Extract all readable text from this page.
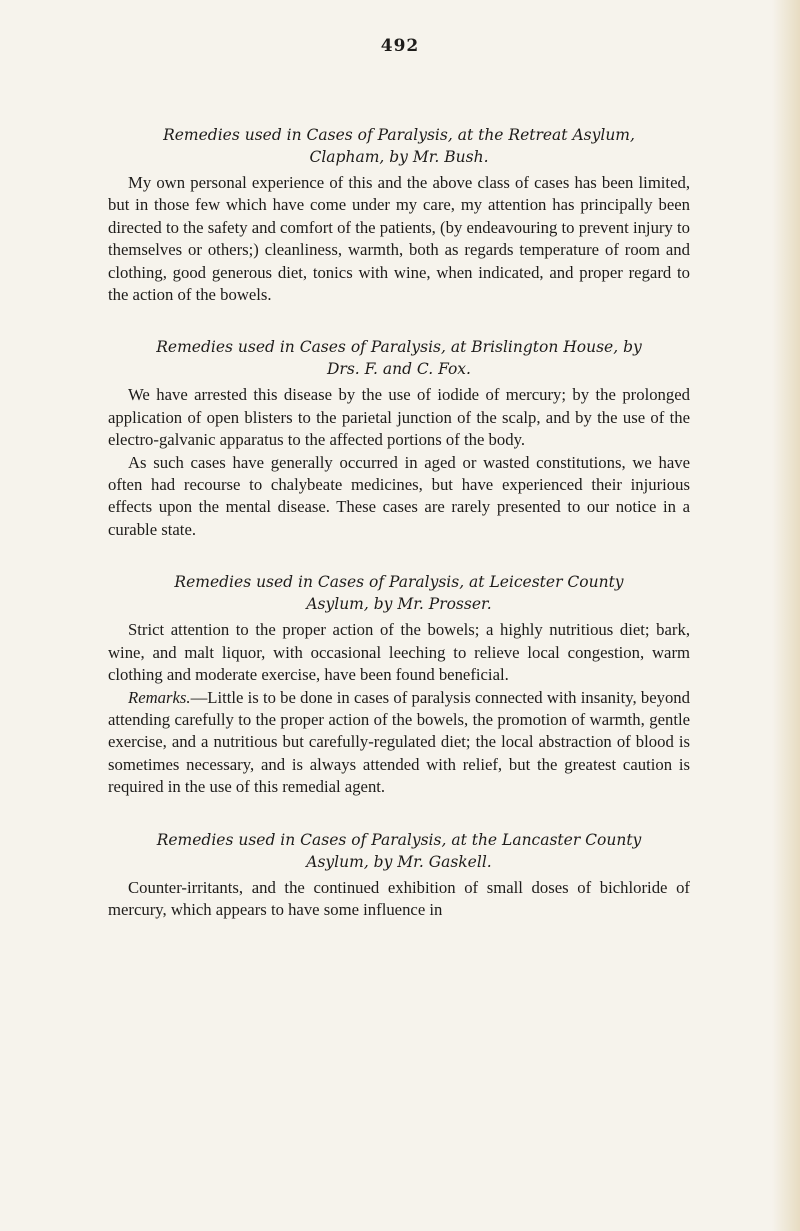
492
Remedies used in Cases of Paralysis, at the Retreat Asylum,
Clapham, by Mr. Bush.

My own personal experience of this and the above class of cases has been limited, but in those few which have come under my care, my attention has principally been directed to the safety and comfort of the patients, (by endeavouring to prevent injury to themselves or others;) cleanliness, warmth, both as regards temperature of room and clothing, good generous diet, tonics with wine, when indicated, and proper regard to the action of the bowels.

Remedies used in Cases of Paralysis, at Brislington House, by
Drs. F. and C. Fox.

We have arrested this disease by the use of iodide of mercury; by the prolonged application of open blisters to the parietal junction of the scalp, and by the use of the electro-galvanic apparatus to the affected portions of the body.

As such cases have generally occurred in aged or wasted constitutions, we have often had recourse to chalybeate medicines, but have experienced their injurious effects upon the mental disease. These cases are rarely presented to our notice in a curable state.

Remedies used in Cases of Paralysis, at Leicester County
Asylum, by Mr. Prosser.

Strict attention to the proper action of the bowels; a highly nutritious diet; bark, wine, and malt liquor, with occasional leeching to relieve local congestion, warm clothing and moderate exercise, have been found beneficial.

Remarks.—Little is to be done in cases of paralysis connected with insanity, beyond attending carefully to the proper action of the bowels, the promotion of warmth, gentle exercise, and a nutritious but carefully-regulated diet; the local abstraction of blood is sometimes necessary, and is always attended with relief, but the greatest caution is required in the use of this remedial agent.

Remedies used in Cases of Paralysis, at the Lancaster County
Asylum, by Mr. Gaskell.

Counter-irritants, and the continued exhibition of small doses of bichloride of mercury, which appears to have some influence in
